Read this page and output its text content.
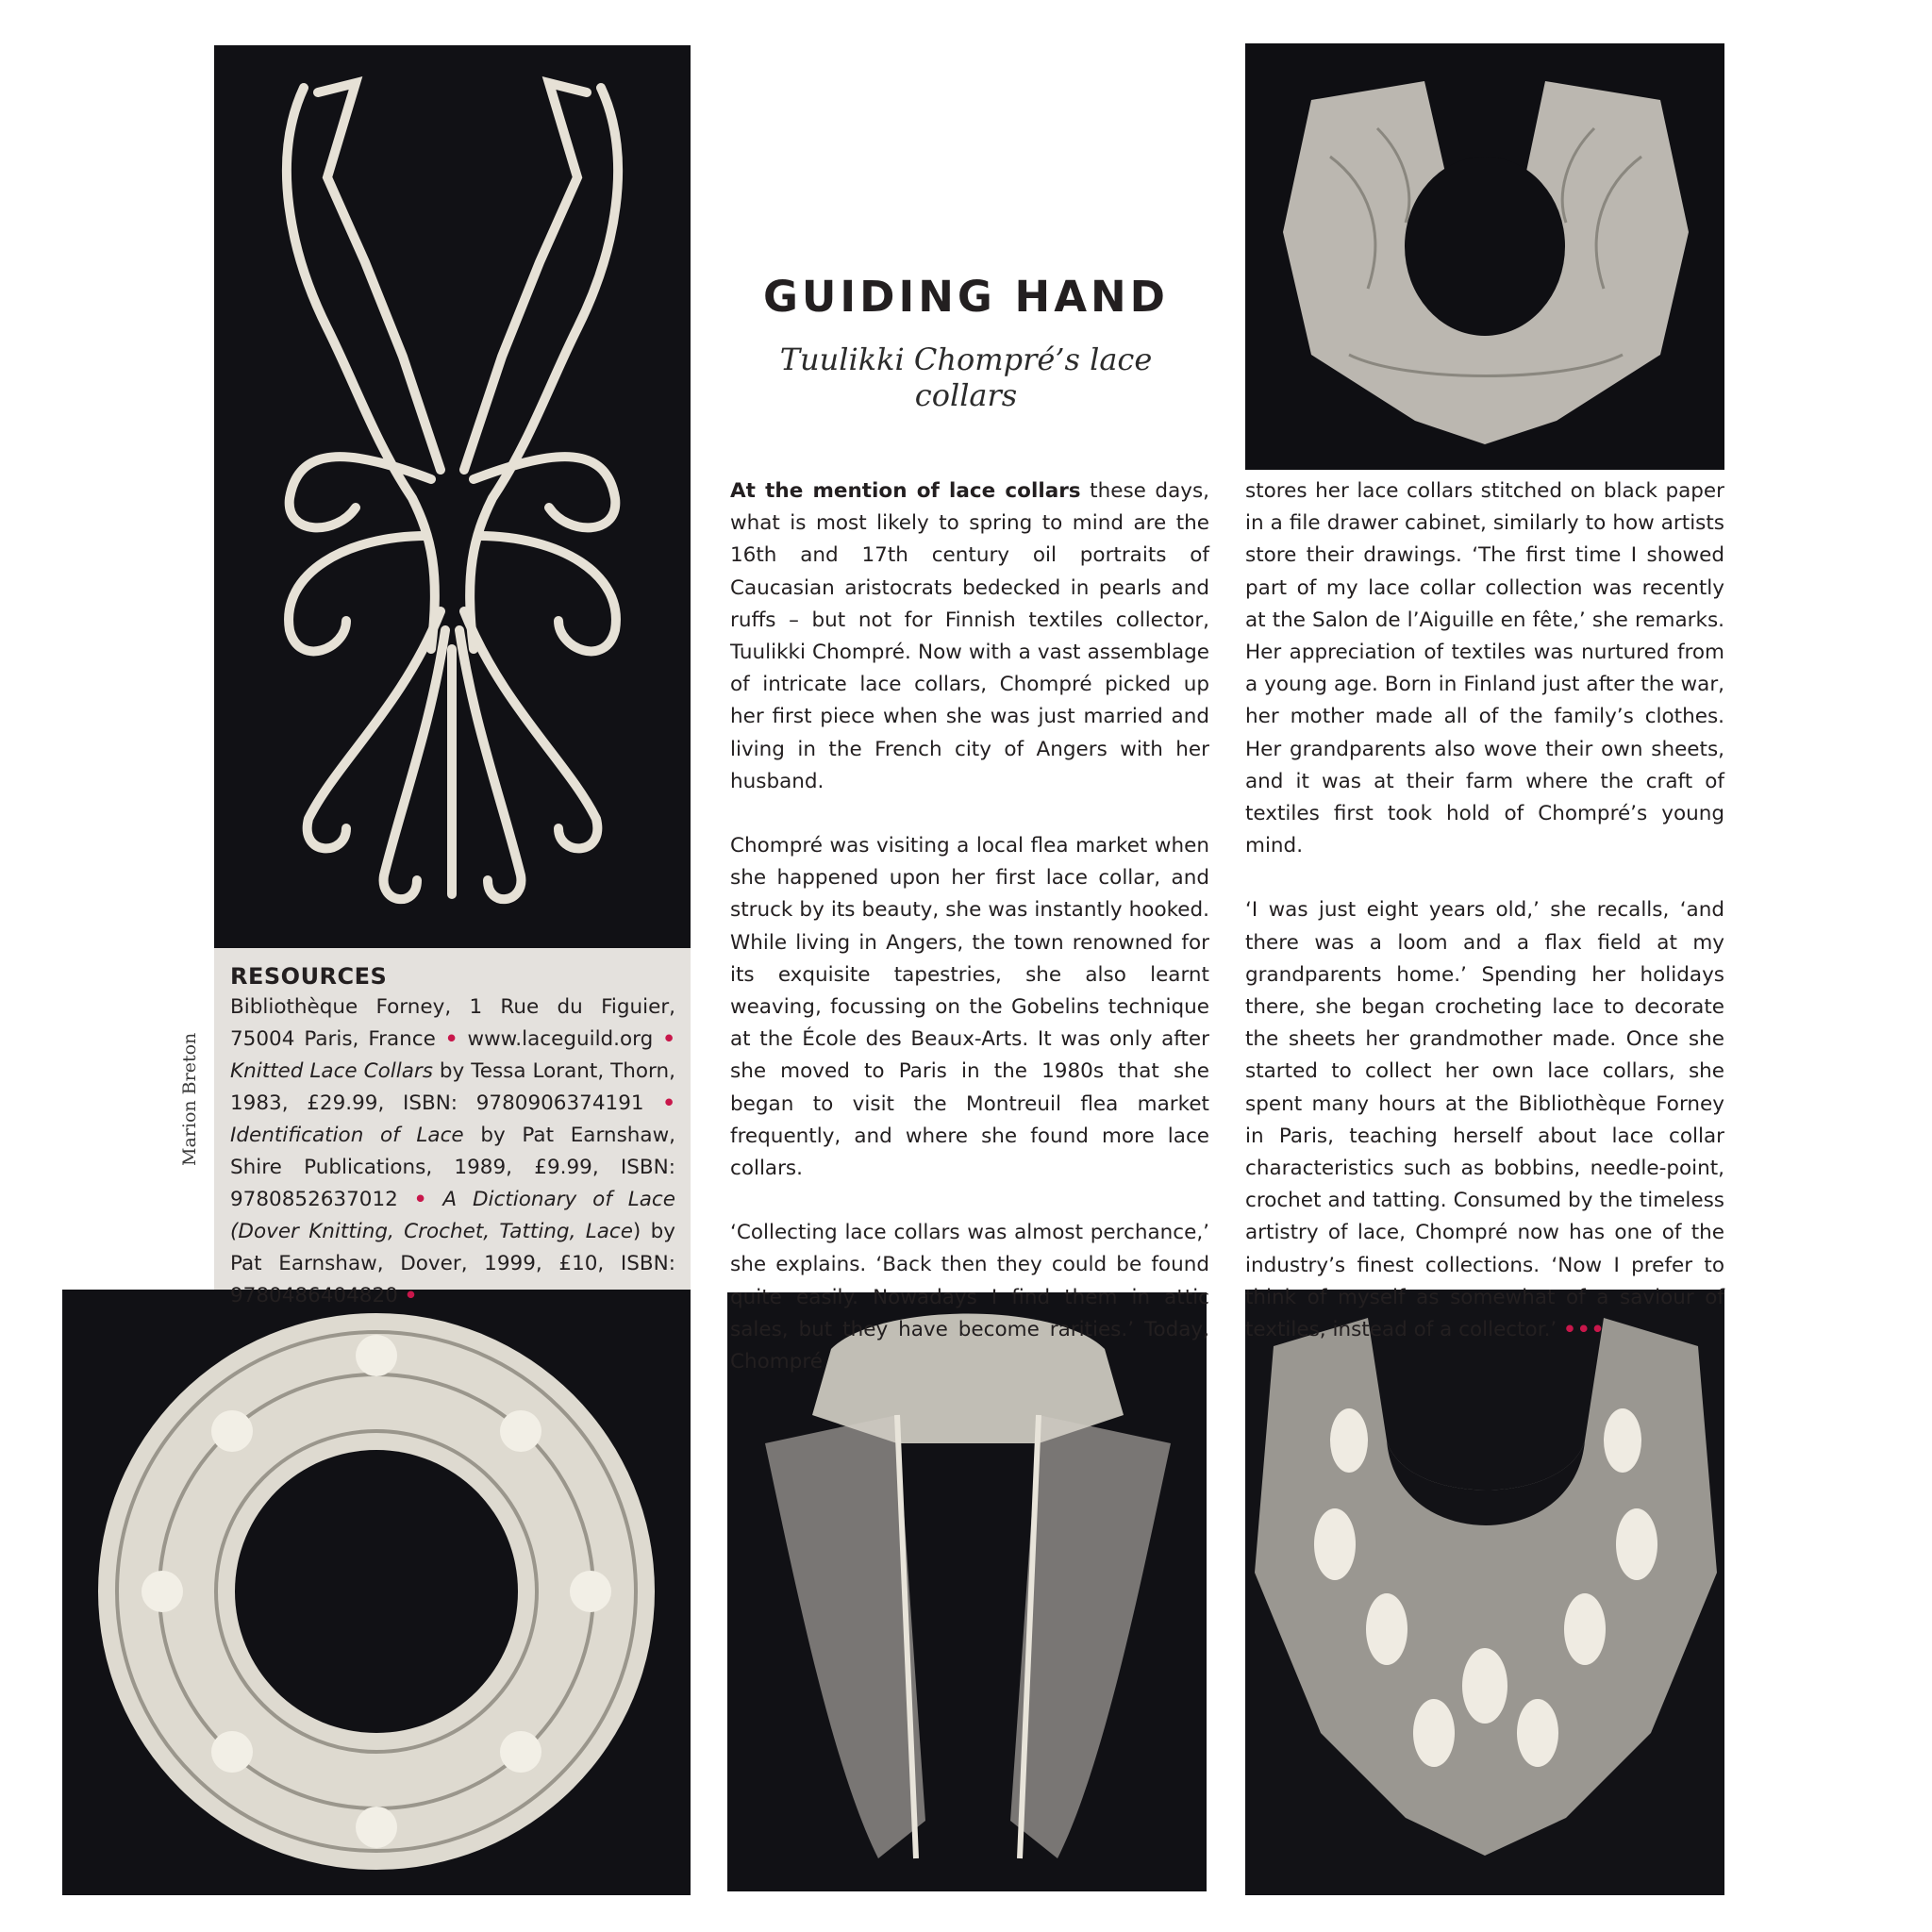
Marion Breton
RESOURCES

Bibliothèque Forney, 1 Rue du Figuier, 75004 Paris, France • www.laceguild.org • Knitted Lace Collars by Tessa Lorant, Thorn, 1983, £29.99, ISBN: 9780906374191 • Identification of Lace by Pat Earnshaw, Shire Publications, 1989, £9.99, ISBN: 9780852637012 • A Dictionary of Lace (Dover Knitting, Crochet, Tatting, Lace) by Pat Earnshaw, Dover, 1999, £10, ISBN: 9780486404820 •

GUIDING HAND
Tuulikki Chompré’s lace collars

At the mention of lace collars these days, what is most likely to spring to mind are the 16th and 17th century oil portraits of Caucasian aristocrats bedecked in pearls and ruffs – but not for Finnish textiles collector, Tuulikki Chompré. Now with a vast assemblage of intricate lace collars, Chompré picked up her first piece when she was just married and living in the French city of Angers with her husband.

Chompré was visiting a local flea market when she happened upon her first lace collar, and struck by its beauty, she was instantly hooked. While living in Angers, the town renowned for its exquisite tapestries, she also learnt weaving, focussing on the Gobelins technique at the École des Beaux-Arts. It was only after she moved to Paris in the 1980s that she began to visit the Montreuil flea market frequently, and where she found more lace collars.

‘Collecting lace collars was almost perchance,’ she explains. ‘Back then they could be found quite easily. Nowadays I find them in attic sales, but they have become rarities.’ Today, Chompré

stores her lace collars stitched on black paper in a file drawer cabinet, similarly to how artists store their drawings. ‘The first time I showed part of my lace collar collection was recently at the Salon de l’Aiguille en fête,’ she remarks. Her appreciation of textiles was nurtured from a young age. Born in Finland just after the war, her mother made all of the family’s clothes. Her grandparents also wove their own sheets, and it was at their farm where the craft of textiles first took hold of Chompré’s young mind.

‘I was just eight years old,’ she recalls, ‘and there was a loom and a flax field at my grandparents home.’ Spending her holidays there, she began crocheting lace to decorate the sheets her grandmother made. Once she started to collect her own lace collars, she spent many hours at the Bibliothèque Forney in Paris, teaching herself about lace collar characteristics such as bobbins, needle-point, crochet and tatting. Consumed by the timeless artistry of lace, Chompré now has one of the industry’s finest collections. ‘Now I prefer to think of myself as somewhat of a saviour of textiles, instead of a collector.’ •••
